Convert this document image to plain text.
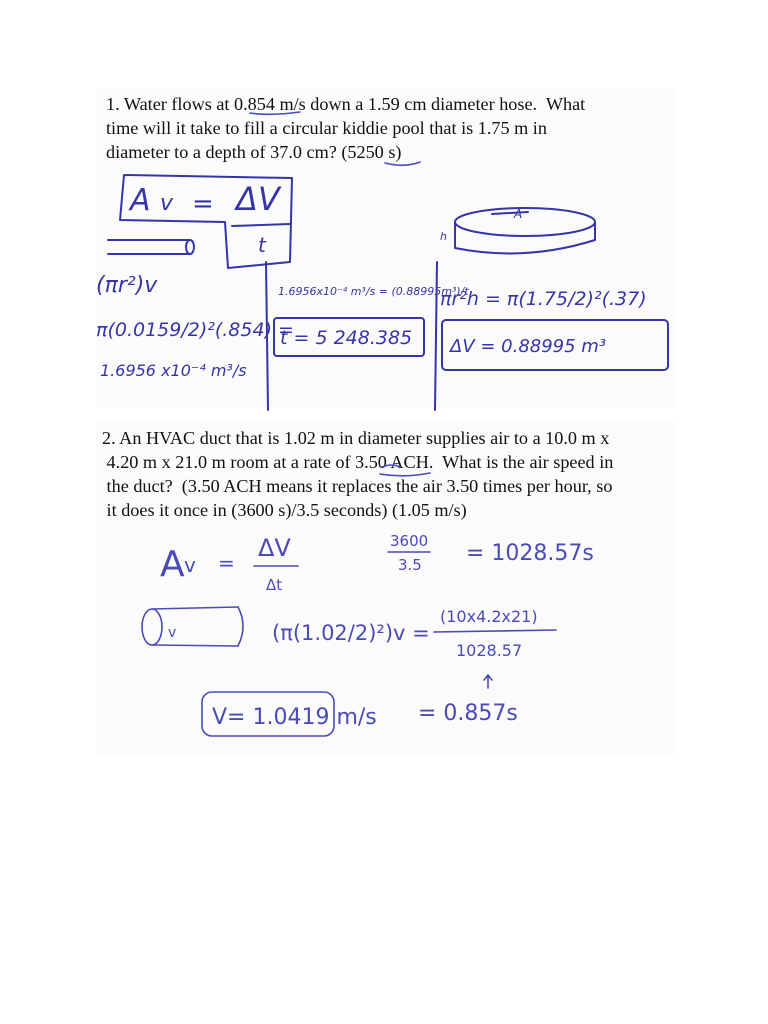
1. Water flows at 0.854 m/s down a 1.59 cm diameter hose.  What
time will it take to fill a circular kiddie pool that is 1.75 m in
diameter to a depth of 37.0 cm? (5250 s)
2. An HVAC duct that is 1.02 m in diameter supplies air to a 10.0 m x
4.20 m x 21.0 m room at a rate of 3.50 ACH.  What is the air speed in
the duct?  (3.50 ACH means it replaces the air 3.50 times per hour, so
it does it once in (3600 s)/3.5 seconds) (1.05 m/s)
A v = ΔV
t
A
h
(πr²)v
π(0.0159/2)²(.854) =
1.6956 x10⁻⁴ m³/s
1.6956x10⁻⁴ m³/s = (0.88995m³)/t
t = 5 248.385
πr²h = π(1.75/2)²(.37)
ΔV = 0.88995 m³
A v =
ΔV
Δt
3600
3.5 = 1028.57s
v	(π(1.02/2)²)v =
(10x4.2x21)
1028.57
= 0.857s
V= 1.0419 m/s
